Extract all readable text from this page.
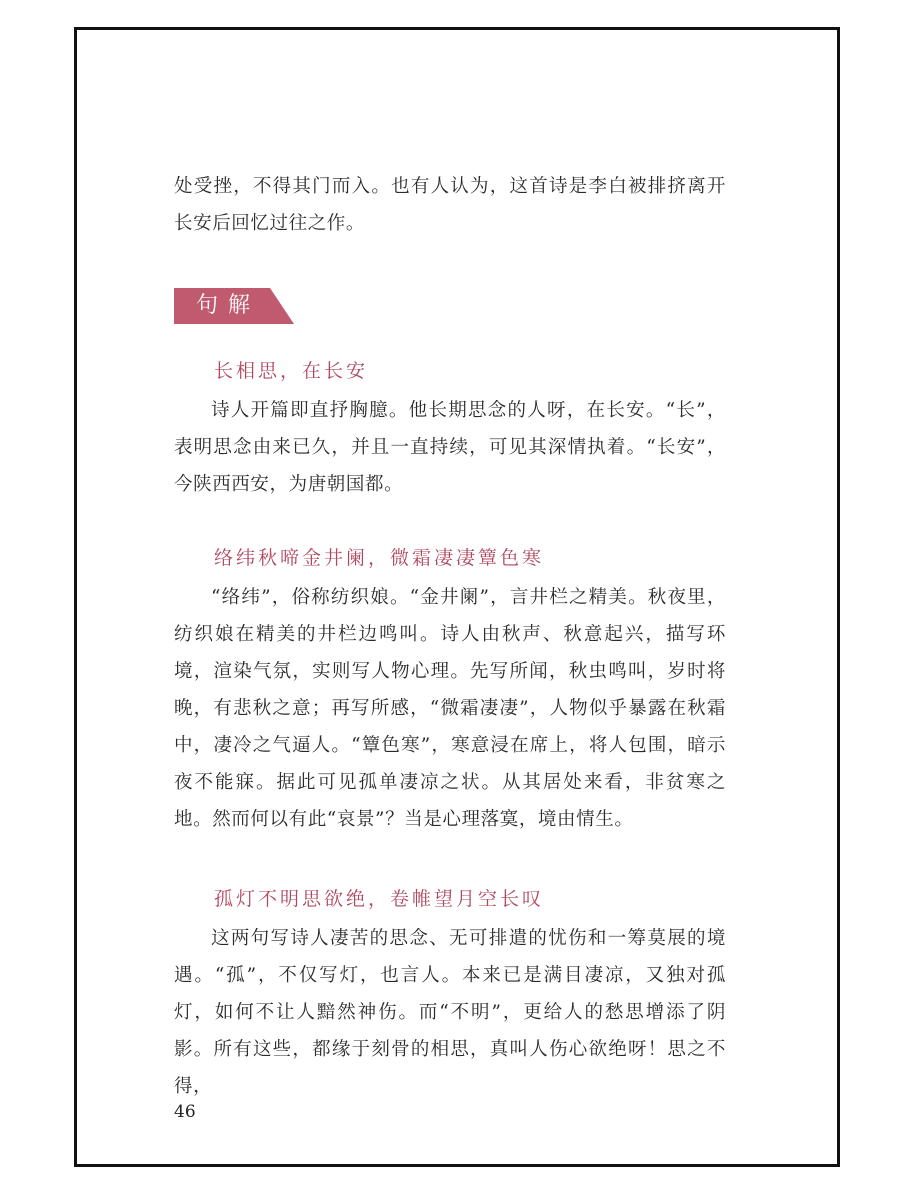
处受挫，不得其门而入。也有人认为，这首诗是李白被排挤离开长安后回忆过往之作。

句解
长相思，在长安

诗人开篇即直抒胸臆。他长期思念的人呀，在长安。“长”，表明思念由来已久，并且一直持续，可见其深情执着。“长安”，今陕西西安，为唐朝国都。

络纬秋啼金井阑，微霜凄凄簟色寒

“络纬”，俗称纺织娘。“金井阑”，言井栏之精美。秋夜里，纺织娘在精美的井栏边鸣叫。诗人由秋声、秋意起兴，描写环境，渲染气氛，实则写人物心理。先写所闻，秋虫鸣叫，岁时将晚，有悲秋之意；再写所感，“微霜凄凄”，人物似乎暴露在秋霜中，凄冷之气逼人。“簟色寒”，寒意浸在席上，将人包围，暗示夜不能寐。据此可见孤单凄凉之状。从其居处来看，非贫寒之地。然而何以有此“哀景”？当是心理落寞，境由情生。

孤灯不明思欲绝，卷帷望月空长叹

这两句写诗人凄苦的思念、无可排遣的忧伤和一筹莫展的境遇。“孤”，不仅写灯，也言人。本来已是满目凄凉，又独对孤灯，如何不让人黯然神伤。而“不明”，更给人的愁思增添了阴影。所有这些，都缘于刻骨的相思，真叫人伤心欲绝呀！思之不得，

46
